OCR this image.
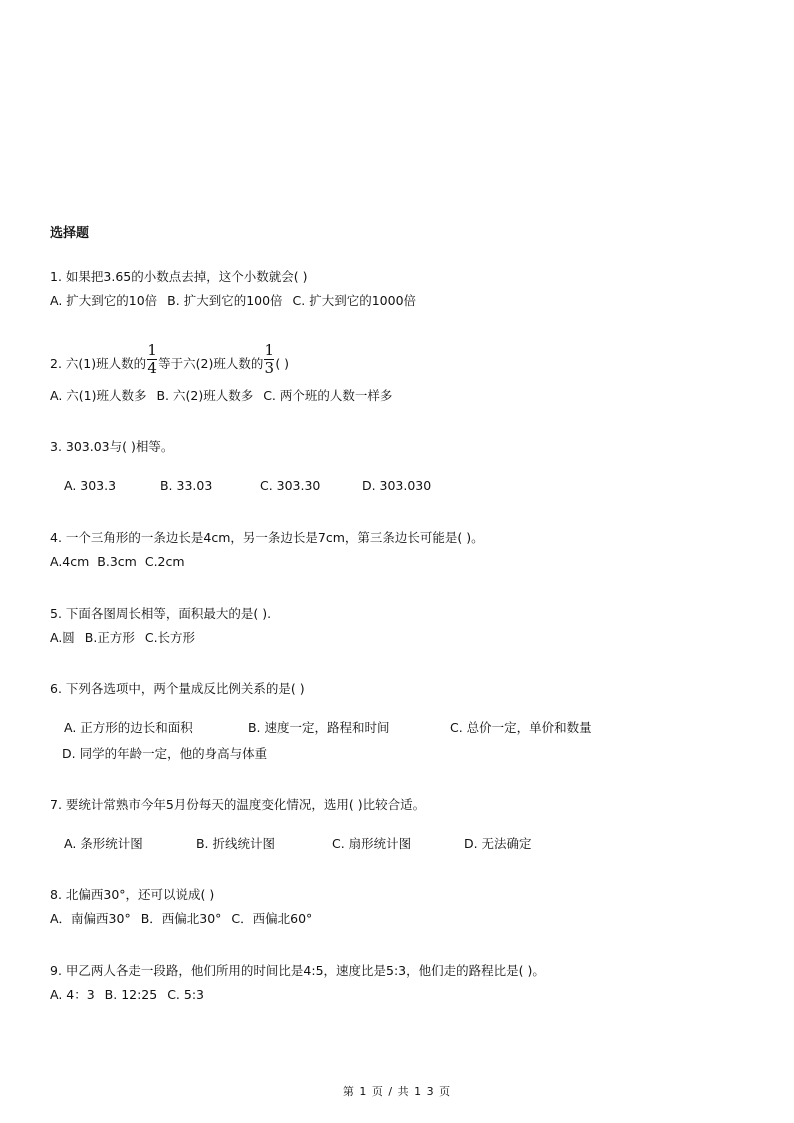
选择题
1. 如果把3.65的小数点去掉，这个小数就会( )
A. 扩大到它的10倍 B. 扩大到它的100倍 C. 扩大到它的1000倍
2. 六(1)班人数的 $\frac{1}{4}$ 等于六(2)班人数的 $\frac{1}{3}$ ( )
A. 六(1)班人数多 B. 六(2)班人数多 C. 两个班的人数一样多
3. 303.03与( )相等。
A. 303.3	B. 33.03	C. 303.30	D. 303.030
4. 一个三角形的一条边长是4cm，另一条边长是7cm，第三条边长可能是( )。
A.4cm B.3cm C.2cm
5. 下面各图周长相等，面积最大的是( ).
A.圆 B.正方形 C.长方形
6. 下列各选项中，两个量成反比例关系的是( )
A. 正方形的边长和面积	B. 速度一定，路程和时间	C. 总价一定，单价和数量
D. 同学的年龄一定，他的身高与体重
7. 要统计常熟市今年5月份每天的温度变化情况，选用( )比较合适。
A. 条形统计图	B. 折线统计图	C. 扇形统计图	D. 无法确定
8. 北偏西30°，还可以说成( )
A．南偏西30° B．西偏北30° C．西偏北60°
9. 甲乙两人各走一段路，他们所用的时间比是4:5，速度比是5:3，他们走的路程比是( )。
A. 4：3 B. 12:25 C. 5:3
第 1 页 / 共 1 3 页
